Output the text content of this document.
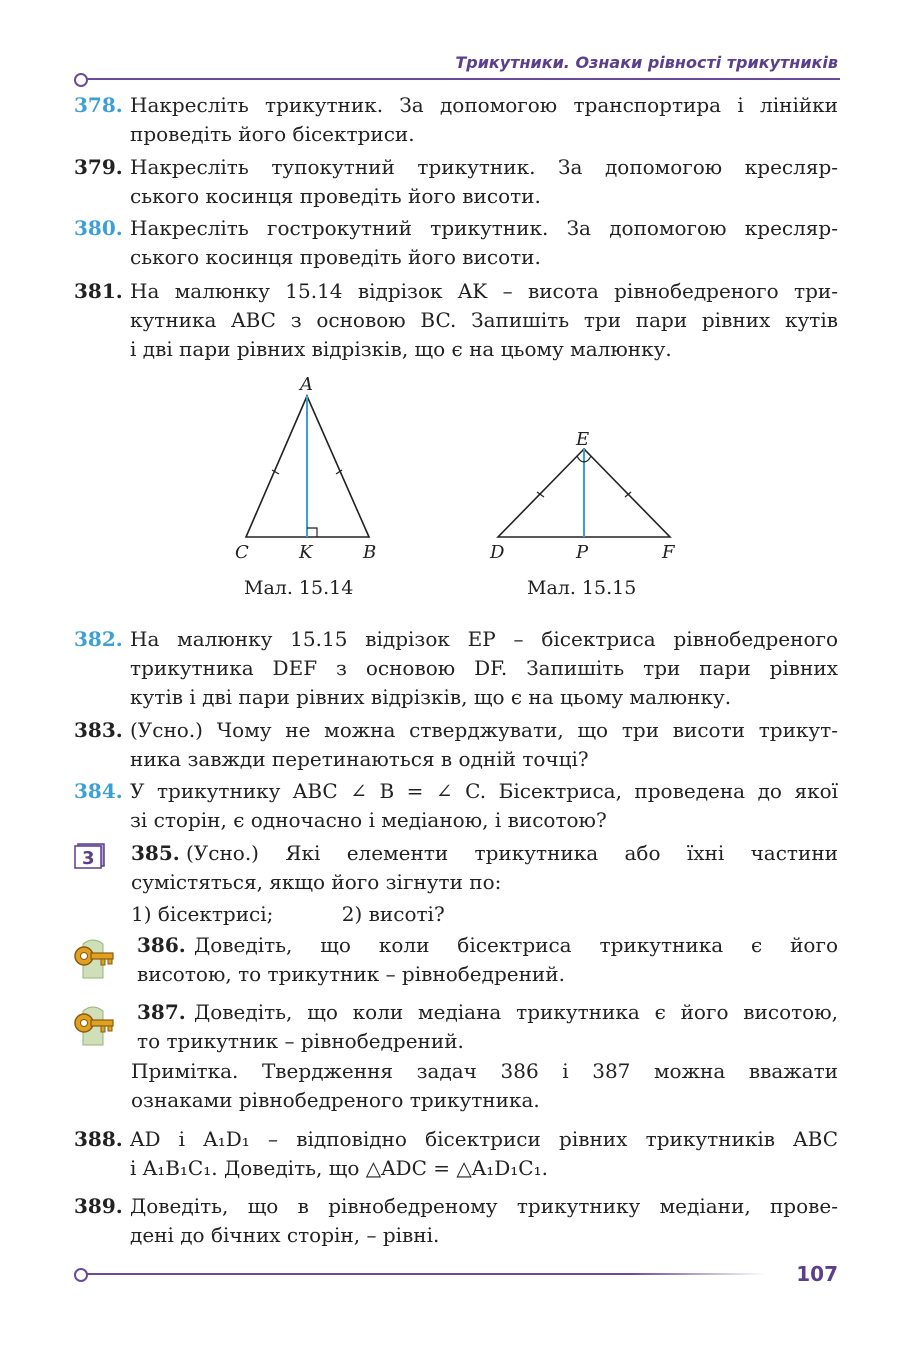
Трикутники. Ознаки рівності трикутників
378. Накресліть трикутник. За допомогою транспортира і лінійки
проведіть його бісектриси.
379. Накресліть тупокутний трикутник. За допомогою кресляр-
ського косинця проведіть його висоти.
380. Накресліть гострокутний трикутник. За допомогою кресляр-
ського косинця проведіть його висоти.
381. На малюнку 15.14 відрізок AK – висота рівнобедреного три-
кутника ABC з основою BC. Запишіть три пари рівних кутів
і дві пари рівних відрізків, що є на цьому малюнку.
A
C	K	B
Мал. 15.14
E
D	P	F
Мал. 15.15
382. На малюнку 15.15 відрізок EP – бісектриса рівнобедреного
трикутника DEF з основою DF. Запишіть три пари рівних
кутів і дві пари рівних відрізків, що є на цьому малюнку.
383. (Усно.) Чому не можна стверджувати, що три висоти трикут-
ника завжди перетинаються в одній точці?
384. У трикутнику ABC ∠ B = ∠ C. Бісектриса, проведена до якої
зі сторін, є одночасно і медіаною, і висотою?
3 385. (Усно.) Які елементи трикутника або їхні частини
сумістяться, якщо його зігнути по:
1) бісектрисі;	2) висоті?
386. Доведіть, що коли бісектриса трикутника є його
висотою, то трикутник – рівнобедрений.
387. Доведіть, що коли медіана трикутника є його висотою,
то трикутник – рівнобедрений.
Примітка. Твердження задач 386 і 387 можна вважати
ознаками рівнобедреного трикутника.
388. AD і A₁D₁ – відповідно бісектриси рівних трикутників ABC
і A₁B₁C₁. Доведіть, що △ADC = △A₁D₁C₁.
389. Доведіть, що в рівнобедреному трикутнику медіани, прове-
дені до бічних сторін, – рівні.
107
